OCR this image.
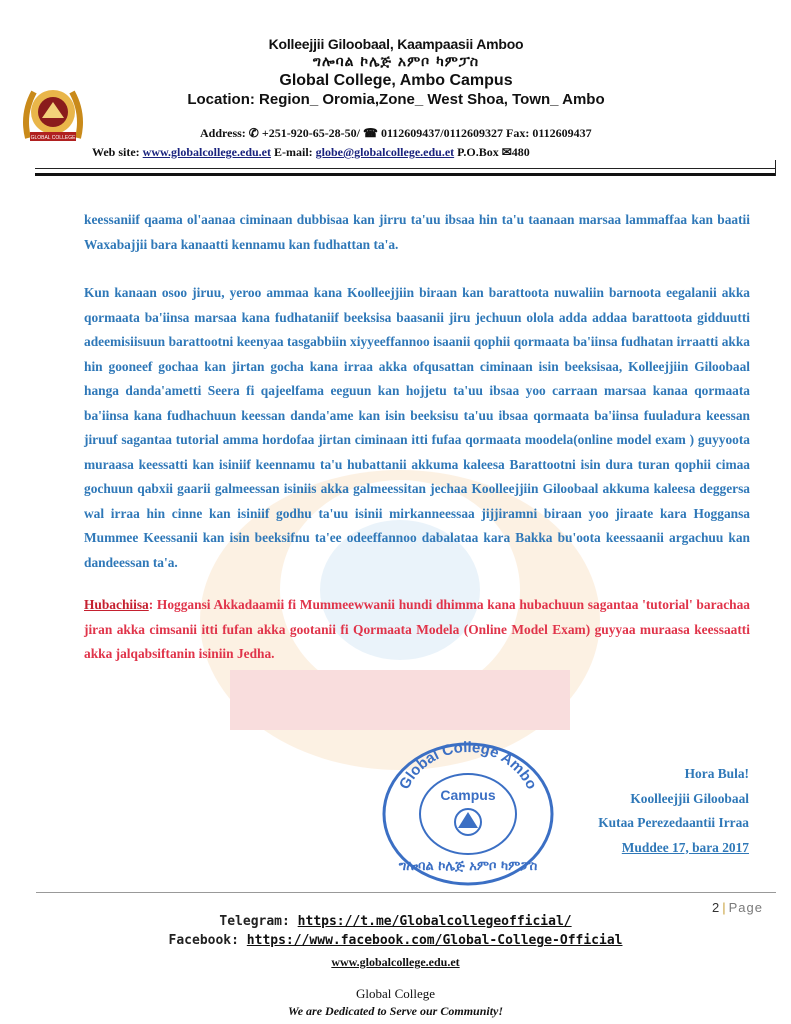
GLOBAL COLLEGE

Kolleejjii Giloobaal, Kaampaasii Amboo

ግሎባል ኮሌጅ አምቦ ካምፓስ

Global College, Ambo Campus

Location: Region_ Oromia,Zone_ West Shoa, Town_ Ambo

Address: ✆ +251-920-65-28-50/ ☎ 0112609437/0112609327 Fax: 0112609437
Web site: www.globalcollege.edu.et E-mail: globe@globalcollege.edu.et P.O.Box ✉480

keessaniif qaama ol'aanaa ciminaan dubbisaa kan jirru ta'uu ibsaa hin ta'u taanaan marsaa lammaffaa kan baatii Waxabajjii bara kanaatti kennamu kan fudhattan ta'a.

Kun kanaan osoo jiruu, yeroo ammaa kana Koolleejjiin biraan kan barattoota nuwaliin barnoota eegalanii akka qormaata ba'iinsa marsaa kana fudhataniif beeksisa baasanii jiru jechuun olola adda addaa barattoota gidduutti adeemisiisuun barattootni keenyaa tasgabbiin xiyyeeffannoo isaanii qophii qormaata ba'iinsa fudhatan irraatti akka hin gooneef gochaa kan jirtan gocha kana irraa akka ofqusattan ciminaan isin beeksisaa, Kolleejjiin Giloobaal hanga danda'ametti Seera fi qajeelfama eeguun kan hojjetu ta'uu ibsaa yoo carraan marsaa kanaa qormaata ba'iinsa kana fudhachuun keessan danda'ame kan isin beeksisu ta'uu ibsaa qormaata ba'iinsa fuuladura keessan jiruuf sagantaa tutorial amma hordofaa jirtan ciminaan itti fufaa qormaata moodela(online model exam ) guyyoota muraasa keessatti kan isiniif keennamu ta'u hubattanii akkuma kaleesa Barattootni isin dura turan qophii cimaa gochuun qabxii gaarii galmeessan isiniis akka galmeessitan jechaa Koolleejjiin Giloobaal akkuma kaleesa deggersa wal irraa hin cinne kan isiniif godhu ta'uu isinii mirkanneessaa jijjiramni biraan yoo jiraate kara Hoggansa Mummee Keessanii kan isin beeksifnu ta'ee odeeffannoo dabalataa kara Bakka bu'oota keessaanii argachuu kan dandeessan ta'a.

Hubachiisa: Hoggansi Akkadaamii fi Mummeewwanii hundi dhimma kana hubachuun sagantaa 'tutorial' barachaa jiran akka cimsanii itti fufan akka gootanii fi Qormaata Modela (Online Model Exam) guyyaa muraasa keessaatti akka jalqabsiftanin isiniin Jedha.

Global College Ambo
Campus
ግሎባል ኮሌጅ አምቦ ካምፓስ
Hora Bula!
Koolleejjii Giloobaal
Kutaa Perezedaantii Irraa
Muddee 17, bara 2017
2 | Page
Telegram: https://t.me/Globalcollegeofficial/
Facebook: https://www.facebook.com/Global-College-Official
www.globalcollege.edu.et
Global College
We are Dedicated to Serve our Community!
